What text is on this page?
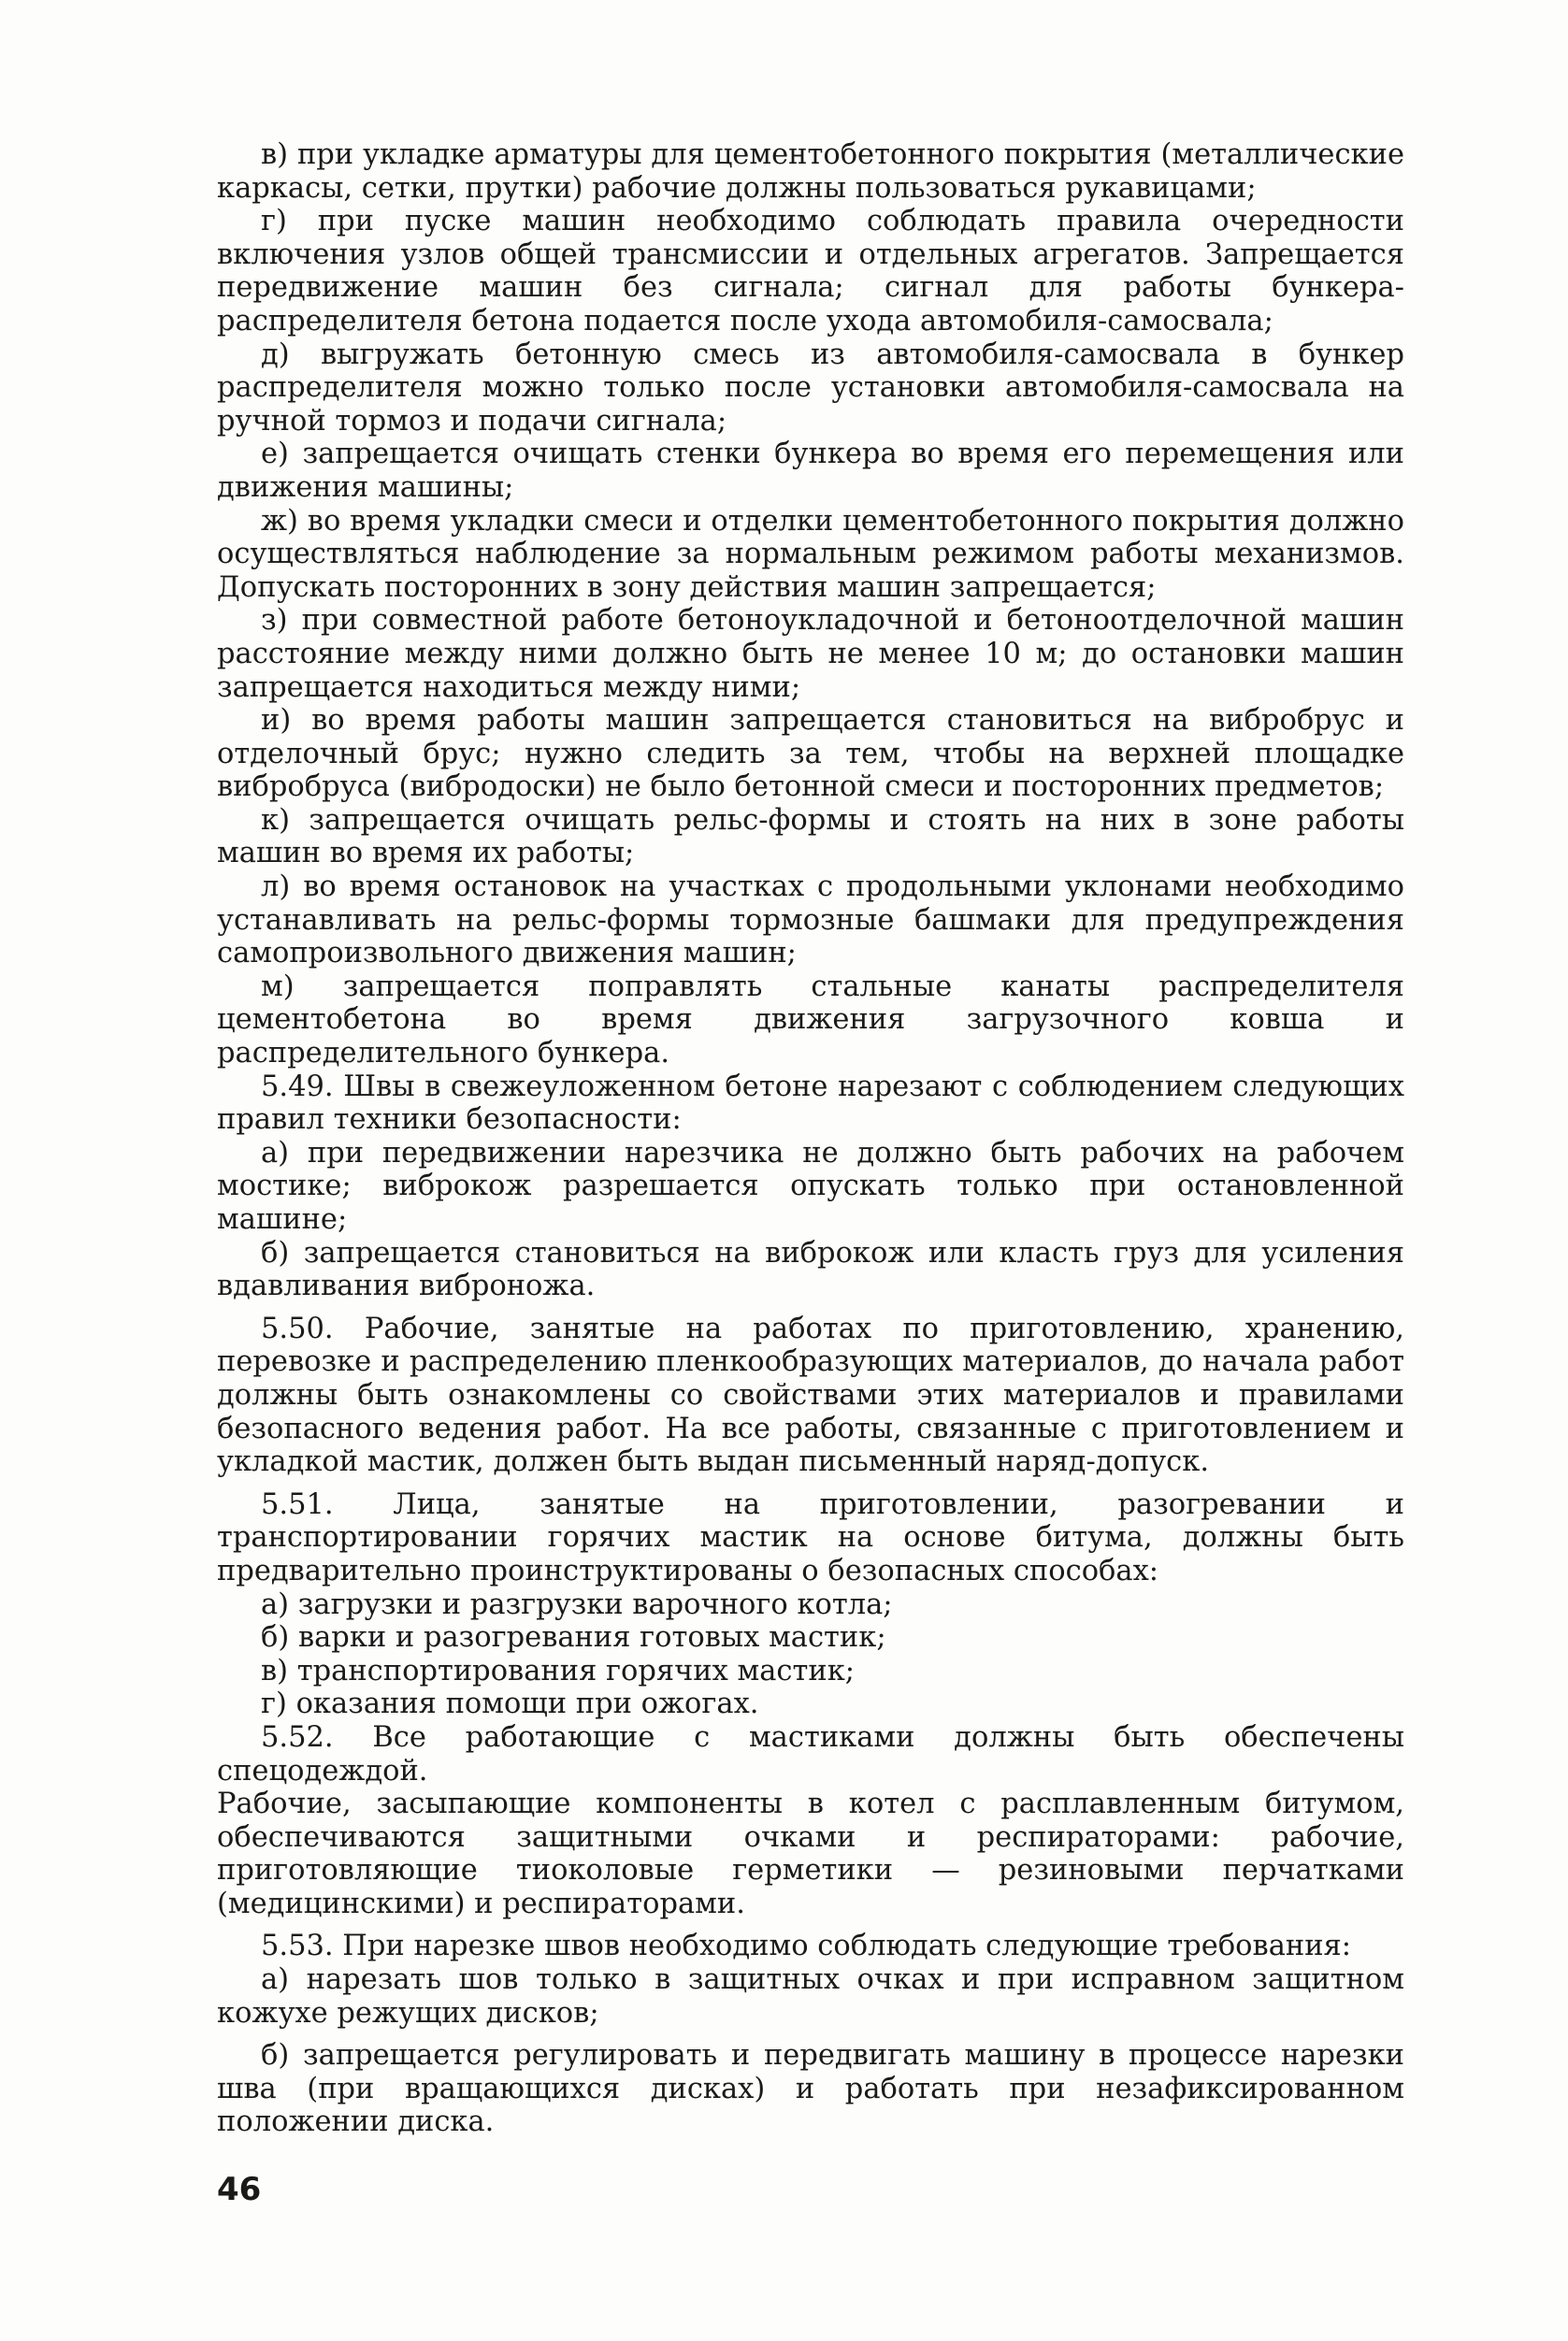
в) при укладке арматуры для цементобетонного покрытия (металлические каркасы, сетки, прутки) рабочие должны пользоваться рукавицами;

г) при пуске машин необходимо соблюдать правила очередности включения узлов общей трансмиссии и отдельных агрегатов. Запрещается передвижение машин без сигнала; сигнал для работы бункера-распределителя бетона подается после ухода автомобиля-самосвала;

д) выгружать бетонную смесь из автомобиля-самосвала в бункер распределителя можно только после установки автомобиля-самосвала на ручной тормоз и подачи сигнала;

е) запрещается очищать стенки бункера во время его перемещения или движения машины;

ж) во время укладки смеси и отделки цементобетонного покрытия должно осуществляться наблюдение за нормальным режимом работы механизмов. Допускать посторонних в зону действия машин запрещается;

з) при совместной работе бетоноукладочной и бетоноотделочной машин расстояние между ними должно быть не менее 10 м; до остановки машин запрещается находиться между ними;

и) во время работы машин запрещается становиться на вибробрус и отделочный брус; нужно следить за тем, чтобы на верхней площадке вибробруса (вибродоски) не было бетонной смеси и посторонних предметов;

к) запрещается очищать рельс-формы и стоять на них в зоне работы машин во время их работы;

л) во время остановок на участках с продольными уклонами необходимо устанавливать на рельс-формы тормозные башмаки для предупреждения самопроизвольного движения машин;

м) запрещается поправлять стальные канаты распределителя цементобетона во время движения загрузочного ковша и распределительного бункера.

5.49. Швы в свежеуложенном бетоне нарезают с соблюдением следующих правил техники безопасности:

а) при передвижении нарезчика не должно быть рабочих на рабочем мостике; виброкож разрешается опускать только при остановленной машине;

б) запрещается становиться на виброкож или класть груз для усиления вдавливания виброножа.

5.50. Рабочие, занятые на работах по приготовлению, хранению, перевозке и распределению пленкообразующих материалов, до начала работ должны быть ознакомлены со свойствами этих материалов и правилами безопасного ведения работ. На все работы, связанные с приготовлением и укладкой мастик, должен быть выдан письменный наряд-допуск.

5.51. Лица, занятые на приготовлении, разогревании и транспортировании горячих мастик на основе битума, должны быть предварительно проинструктированы о безопасных способах:

а) загрузки и разгрузки варочного котла;

б) варки и разогревания готовых мастик;

в) транспортирования горячих мастик;

г) оказания помощи при ожогах.

5.52. Все работающие с мастиками должны быть обеспечены спецодеждой.

Рабочие, засыпающие компоненты в котел с расплавленным битумом, обеспечиваются защитными очками и респираторами: рабочие, приготовляющие тиоколовые герметики — резиновыми перчатками (медицинскими) и респираторами.

5.53. При нарезке швов необходимо соблюдать следующие требования:

а) нарезать шов только в защитных очках и при исправном защитном кожухе режущих дисков;

б) запрещается регулировать и передвигать машину в процессе нарезки шва (при вращающихся дисках) и работать при незафиксированном положении диска.

46
